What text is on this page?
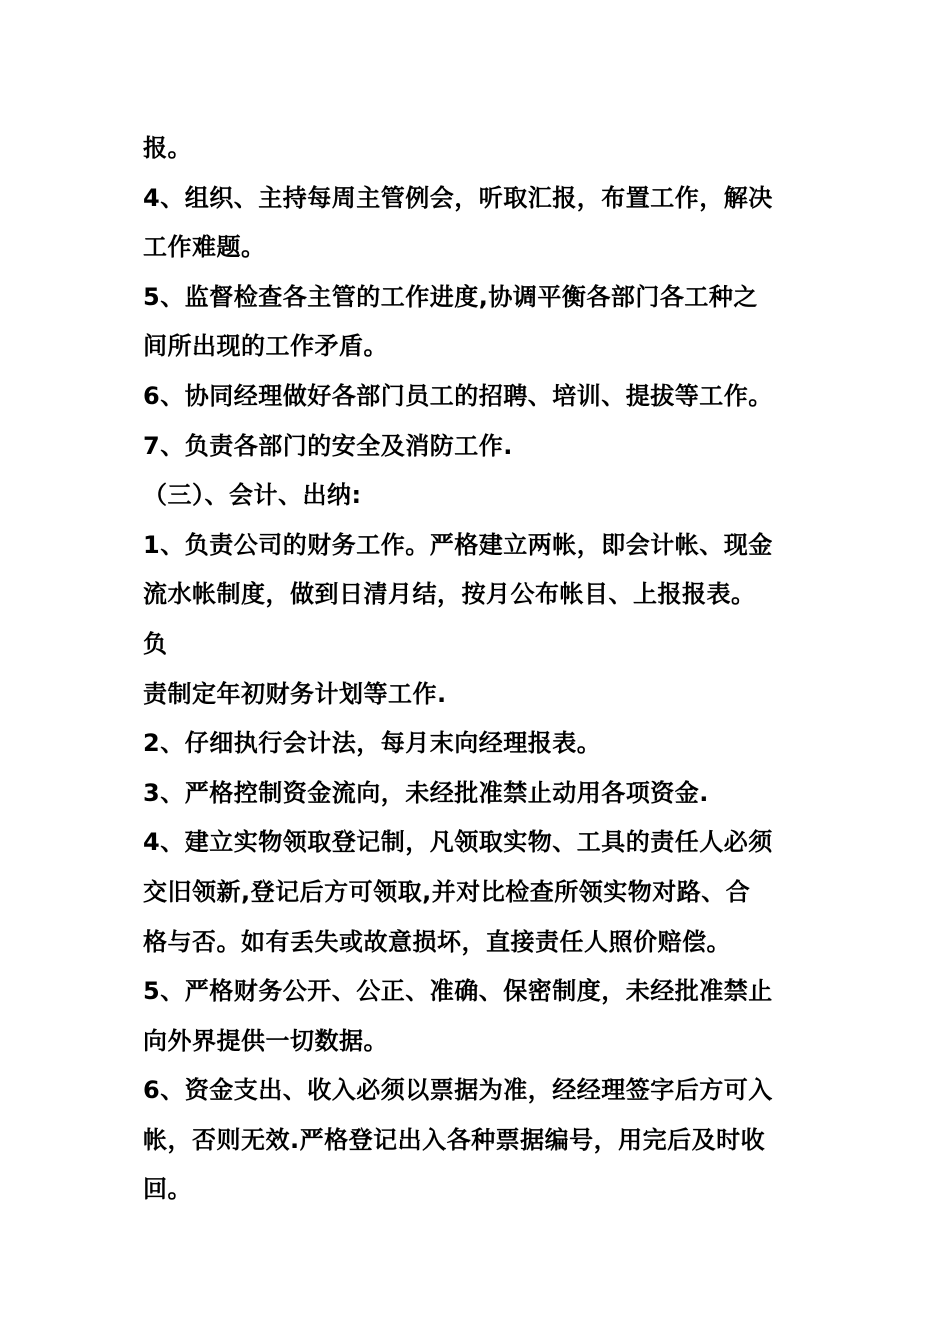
报。
4、组织、主持每周主管例会，听取汇报，布置工作，解决
工作难题。
5、监督检查各主管的工作进度,协调平衡各部门各工种之
间所出现的工作矛盾。
6、协同经理做好各部门员工的招聘、培训、提拔等工作。
7、负责各部门的安全及消防工作.
（三）、会计、出纳:
1、负责公司的财务工作。严格建立两帐，即会计帐、现金
流水帐制度，做到日清月结，按月公布帐目、上报报表。
负
责制定年初财务计划等工作.
2、仔细执行会计法，每月末向经理报表。
3、严格控制资金流向，未经批准禁止动用各项资金.
4、建立实物领取登记制，凡领取实物、工具的责任人必须
交旧领新,登记后方可领取,并对比检查所领实物对路、合
格与否。如有丢失或故意损坏，直接责任人照价赔偿。
5、严格财务公开、公正、准确、保密制度，未经批准禁止
向外界提供一切数据。
6、资金支出、收入必须以票据为准，经经理签字后方可入
帐，否则无效.严格登记出入各种票据编号，用完后及时收
回。
